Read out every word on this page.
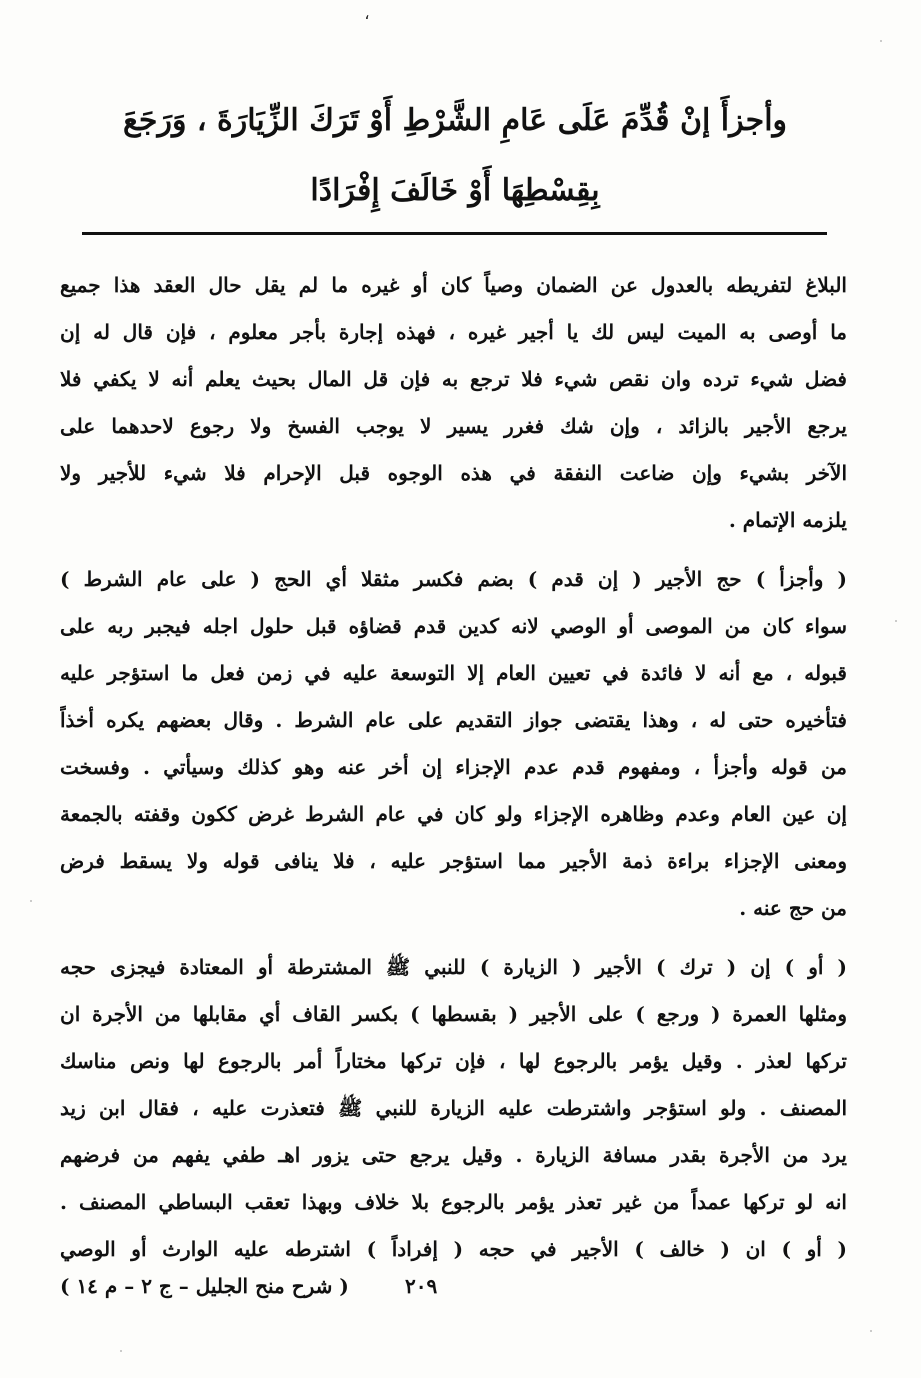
،
وأجزأَ إنْ قُدِّمَ عَلَى عَامِ الشَّرْطِ أَوْ تَرَكَ الزِّيَارَةَ ، وَرَجَعَ
بِقِسْطِهَا أَوْ خَالَفَ إِفْرَادًا
البلاغ لتفريطه بالعدول عن الضمان وصياً كان أو غيره ما لم يقل حال العقد هذا جميع
ما أوصى به الميت ليس لك يا أجير غيره ، فهذه إجارة بأجر معلوم ، فإن قال له إن
فضل شيء ترده وان نقص شيء فلا ترجع به فإن قل المال بحيث يعلم أنه لا يكفي فلا
يرجع الأجير بالزائد ، وإن شك فغرر يسير لا يوجب الفسخ ولا رجوع لاحدهما على
الآخر بشيء وإن ضاعت النفقة في هذه الوجوه قبل الإحرام فلا شيء للأجير ولا
يلزمه الإتمام .
( وأجزأ ) حج الأجير ( إن قدم ) بضم فكسر مثقلا أي الحج ( على عام الشرط )
سواء كان من الموصى أو الوصي لانه كدين قدم قضاؤه قبل حلول اجله فيجبر ربه على
قبوله ، مع أنه لا فائدة في تعيين العام إلا التوسعة عليه في زمن فعل ما استؤجر عليه
فتأخيره حتى له ، وهذا يقتضى جواز التقديم على عام الشرط . وقال بعضهم يكره أخذاً
من قوله وأجزأ ، ومفهوم قدم عدم الإجزاء إن أخر عنه وهو كذلك وسيأتي . وفسخت
إن عين العام وعدم وظاهره الإجزاء ولو كان في عام الشرط غرض ككون وقفته بالجمعة
ومعنى الإجزاء براءة ذمة الأجير مما استؤجر عليه ، فلا ينافى قوله ولا يسقط فرض
من حج عنه .
( أو ) إن ( ترك ) الأجير ( الزيارة ) للنبي ﷺ المشترطة أو المعتادة فيجزى حجه
ومثلها العمرة ( ورجع ) على الأجير ( بقسطها ) بكسر القاف أي مقابلها من الأجرة ان
تركها لعذر . وقيل يؤمر بالرجوع لها ، فإن تركها مختاراً أمر بالرجوع لها ونص مناسك
المصنف . ولو استؤجر واشترطت عليه الزيارة للنبي ﷺ فتعذرت عليه ، فقال ابن زيد
يرد من الأجرة بقدر مسافة الزيارة . وقيل يرجع حتى يزور اهـ طفي يفهم من فرضهم
انه لو تركها عمداً من غير تعذر يؤمر بالرجوع بلا خلاف وبهذا تعقب البساطي المصنف .
( أو ) ان ( خالف ) الأجير في حجه ( إفراداً ) اشترطه عليه الوارث أو الوصي
٢٠٩
( شرح منح الجليل – ج ٢ – م ١٤ )
